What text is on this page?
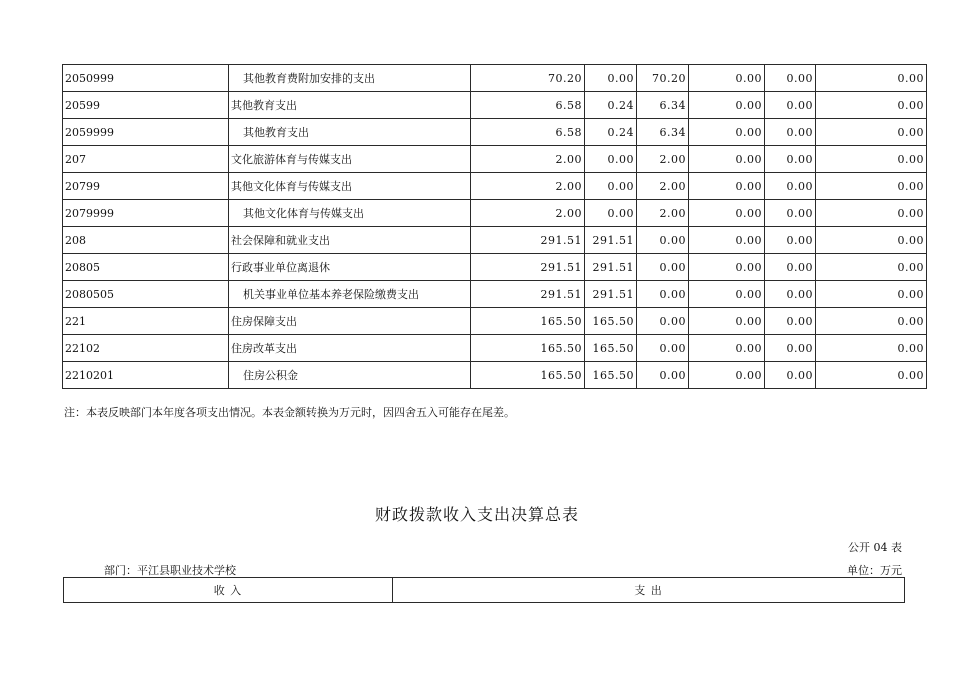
2050999	其他教育费附加安排的支出	70.20	0.00	70.20	0.00	0.00	0.00
20599	其他教育支出	6.58	0.24	6.34	0.00	0.00	0.00
2059999	其他教育支出	6.58	0.24	6.34	0.00	0.00	0.00
207	文化旅游体育与传媒支出	2.00	0.00	2.00	0.00	0.00	0.00
20799	其他文化体育与传媒支出	2.00	0.00	2.00	0.00	0.00	0.00
2079999	其他文化体育与传媒支出	2.00	0.00	2.00	0.00	0.00	0.00
208	社会保障和就业支出	291.51	291.51	0.00	0.00	0.00	0.00
20805	行政事业单位离退休	291.51	291.51	0.00	0.00	0.00	0.00
2080505	机关事业单位基本养老保险缴费支出	291.51	291.51	0.00	0.00	0.00	0.00
221	住房保障支出	165.50	165.50	0.00	0.00	0.00	0.00
22102	住房改革支出	165.50	165.50	0.00	0.00	0.00	0.00
2210201	住房公积金	165.50	165.50	0.00	0.00	0.00	0.00
注：本表反映部门本年度各项支出情况。本表金额转换为万元时，因四舍五入可能存在尾差。
财政拨款收入支出决算总表
公开 04 表
部门：平江县职业技术学校	单位：万元
收 入	支 出
